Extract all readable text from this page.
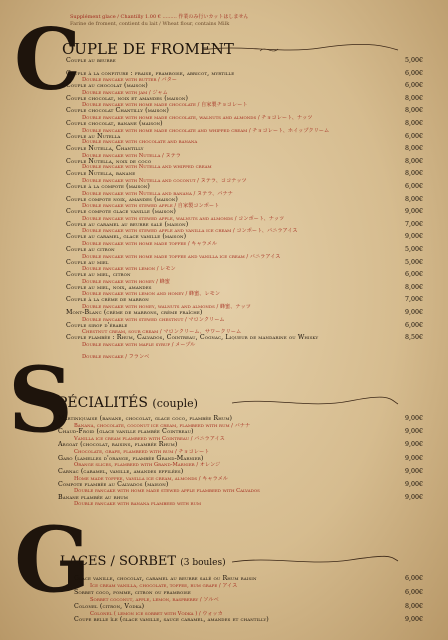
Supplément glace / Chantilly 1.00 € ......... 作業のみ行いカットはしません
Farine de froment, contient du lait / Wheat flour, contains Milk
C
OUPLE DE FROMENT
Couple au beurre	5,00€
Couple à la confiture : fraise, framboise, abricot, myrtille
Double pancake with butter / バター
6,00€
Couple au chocolat (maison)
Double pancake with jam / ジャム
6,00€
Couple chocolat, noix et amandes (maison)
Double pancake with home made chocolate / 自家製チョコレート
8,00€
Couple chocolat Chantilly (maison)
Double pancake with home made chocolate, walnuts and almonds / チョコレート、ナッツ
8,00€
Couple chocolat, banane (maison)
Double pancake with home made chocolate and whipped cream / チョコレート、ホイップクリーム
8,00€
Couple au Nutella
Double pancake with chocolate and banana
6,00€
Couple Nutella, Chantilly
Double pancake with Nutella / ヌテラ
8,00€
Couple Nutella, noix de coco
Double pancake with Nutella and whipped cream
8,00€
Couple Nutella, banane
Double pancake with Nutella and coconut / ヌテラ、ココナッツ
8,00€
Couple à la compote (maison)
Double pancake with Nutella and banana / ヌテラ、バナナ
6,00€
Couple compote noix, amandes (maison)
Double pancake with stewed apple / 自家製コンポート
8,00€
Couple compote glace vanille (maison)
Double pancake with stewed apple, walnuts and almonds / コンポート、ナッツ
9,00€
Couple au caramel au beurre salé (maison)
Double pancake with stewed apple and vanilla ice cream / コンポート、バニラアイス
7,00€
Couple au caramel, glace vanille (maison)
Double pancake with home made toffee / キャラメル
9,00€
Couple au citron
Double pancake with home made toffee and vanilla ice cream / バニラアイス
5,00€
Couple au miel
Double pancake with lemon / レモン
5,00€
Couple au miel, citron
Double pancake with honey / 蜂蜜
6,00€
Couple au miel, noix, amandes
Double pancake with lemon and honey / 蜂蜜、レモン
8,00€
Couple à la crème de marron
Double pancake with honey, walnuts and almonds / 蜂蜜、ナッツ
7,00€
Mont-Blanc (crème de marrons, crème fraîche)
Double pancake with stewed chestnut / マロンクリーム
9,00€
Couple sirop d'érable
Chestnut cream, sour cream / マロンクリーム、サワークリーム
6,00€
Couple flambée : Rhum, Calvados, Cointreau, Cognac, Liqueur de mandarine ou Whisky
Double pancake with maple syrup / メープル
8,50€
Double pancake / フランベ
S
PÉCIALITÉS (couple)
Martiniquaise (banane, chocolat, glace coco, flambée Rhum)
Banana, chocolate, coconut ice cream, flambeed with rum / バナナ
9,00€
Chaud-Froid (glace vanille flambée Cointreau)
Vanilla ice cream flambeed with Cointreau / バニラアイス
9,00€
Argoat (chocolat, raisins, flambée Rhum)
Chocolate, grape, flambeed with rum / チョコレート
9,00€
Garo (lamelles d'orange, flambée Grand-Marnier)
Orange slices, flambeed with Grand-Marnier / オレンジ
9,00€
Carnac (caramel, vanille, amandes effilées)
Home made toffee, vanilla ice cream, almonds / キャラメル
9,00€
Compote flambée au Calvados (maison)
Double pancake with home made stewed apple flambeed with Calvados
9,00€
Banane flambée au rhum
Double pancake with banana flambeed with rum
9,00€
G
LACES / SORBET (3 boules)
Glace vanille, chocolat, caramel au beurre salé ou Rhum raisin
Ice cream vanilla, chocolate, toffee, rum grape / アイス
6,00€
Sorbet coco, pomme, citron ou framboise
Sorbet coconut, apple, lemon, raspberry / ソルベ
6,00€
Colonel (citron, Vodka)
Colonel ( lemon ice sorbet with Vodka ) / ウォッカ
8,00€
Coupe belle île (glace vanille, sauce caramel, amandes et chantilly)	9,00€
